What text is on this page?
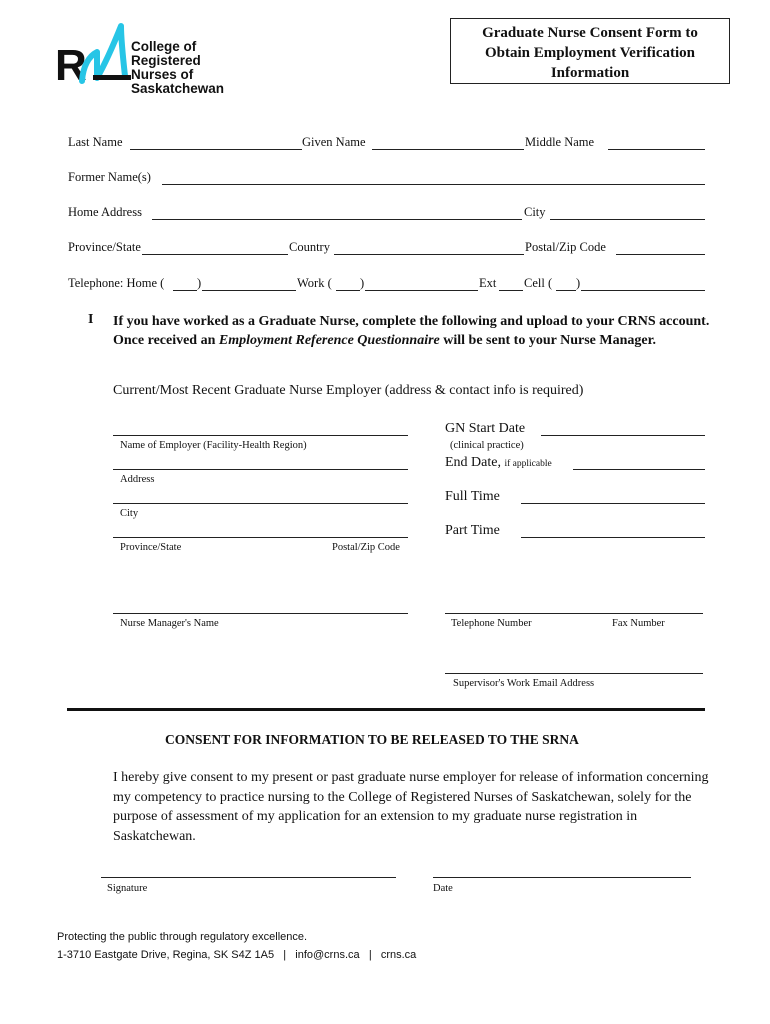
R	College of
Registered
Nurses of
Saskatchewan
Graduate Nurse Consent Form to
Obtain Employment Verification
Information
Last Name	Given Name	Middle Name
Former Name(s)
Home Address	City
Province/State	Country	Postal/Zip Code
Telephone: Home (	)	Work ( )	Ext Cell ( )
I If you have worked as a Graduate Nurse, complete the following and upload to your CRNS account. Once received an Employment Reference Questionnaire will be sent to your Nurse Manager.
Current/Most Recent Graduate Nurse Employer (address & contact info is required)
Name of Employer (Facility-Health Region)
Address
City
Province/State	Postal/Zip Code
GN Start Date
(clinical practice)
End Date, if applicable
Full Time
Part Time
Nurse Manager's Name	Telephone Number	Fax Number
Supervisor's Work Email Address
CONSENT FOR INFORMATION TO BE RELEASED TO THE SRNA
I hereby give consent to my present or past graduate nurse employer for release of information concerning my competency to practice nursing to the College of Registered Nurses of Saskatchewan, solely for the purpose of assessment of my application for an extension to my graduate nurse registration in Saskatchewan.
Signature	Date
Protecting the public through regulatory excellence.
1-3710 Eastgate Drive, Regina, SK S4Z 1A5 | info@crns.ca | crns.ca
